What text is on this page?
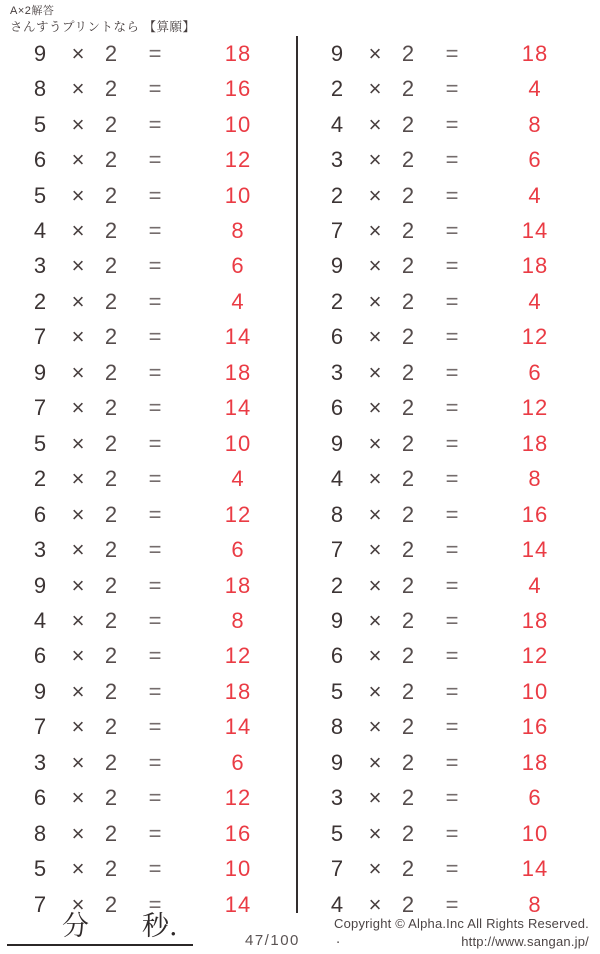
A×2解答
さんすうプリントなら 【算願】
9 × 2 =	18
8 × 2 =	16
5 × 2 =	10
6 × 2 =	12
5 × 2 =	10
4 × 2 =	8
3 × 2 =	6
2 × 2 =	4
7 × 2 =	14
9 × 2 =	18
7 × 2 =	14
5 × 2 =	10
2 × 2 =	4
6 × 2 =	12
3 × 2 =	6
9 × 2 =	18
4 × 2 =	8
6 × 2 =	12
9 × 2 =	18
7 × 2 =	14
3 × 2 =	6
6 × 2 =	12
8 × 2 =	16
5 × 2 =	10
7 × 2 =	14
9 × 2 =	18
2 × 2 =	4
4 × 2 =	8
3 × 2 =	6
2 × 2 =	4
7 × 2 =	14
9 × 2 =	18
2 × 2 =	4
6 × 2 =	12
3 × 2 =	6
6 × 2 =	12
9 × 2 =	18
4 × 2 =	8
8 × 2 =	16
7 × 2 =	14
2 × 2 =	4
9 × 2 =	18
6 × 2 =	12
5 × 2 =	10
8 × 2 =	16
9 × 2 =	18
3 × 2 =	6
5 × 2 =	10
7 × 2 =	14
4 × 2 =	8
分 秒.	47/100 .
Copyright © Alpha.Inc All Rights Reserved.
http://www.sangan.jp/
